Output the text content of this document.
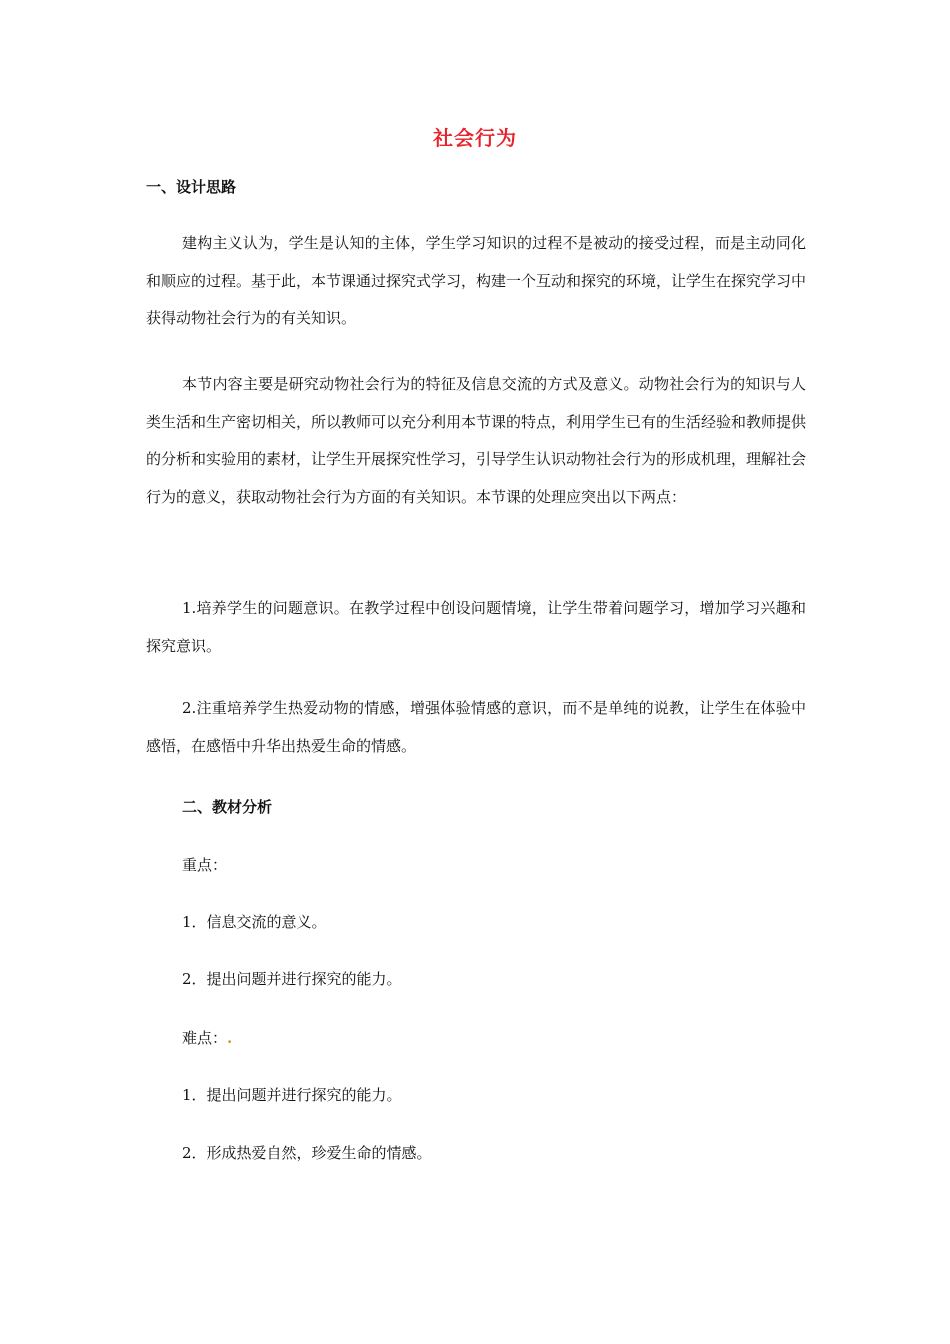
社会行为
一、设计思路

建构主义认为，学生是认知的主体，学生学习知识的过程不是被动的接受过程，而是主动同化和顺应的过程。基于此，本节课通过探究式学习，构建一个互动和探究的环境，让学生在探究学习中获得动物社会行为的有关知识。

本节内容主要是研究动物社会行为的特征及信息交流的方式及意义。动物社会行为的知识与人类生活和生产密切相关，所以教师可以充分利用本节课的特点，利用学生已有的生活经验和教师提供的分析和实验用的素材，让学生开展探究性学习，引导学生认识动物社会行为的形成机理，理解社会行为的意义，获取动物社会行为方面的有关知识。本节课的处理应突出以下两点：

1.培养学生的问题意识。在教学过程中创设问题情境，让学生带着问题学习，增加学习兴趣和探究意识。

2.注重培养学生热爱动物的情感，增强体验情感的意识，而不是单纯的说教，让学生在体验中感悟，在感悟中升华出热爱生命的情感。

二、教材分析
重点：
1．信息交流的意义。
2．提出问题并进行探究的能力。
难点：.
1．提出问题并进行探究的能力。
2．形成热爱自然，珍爱生命的情感。
